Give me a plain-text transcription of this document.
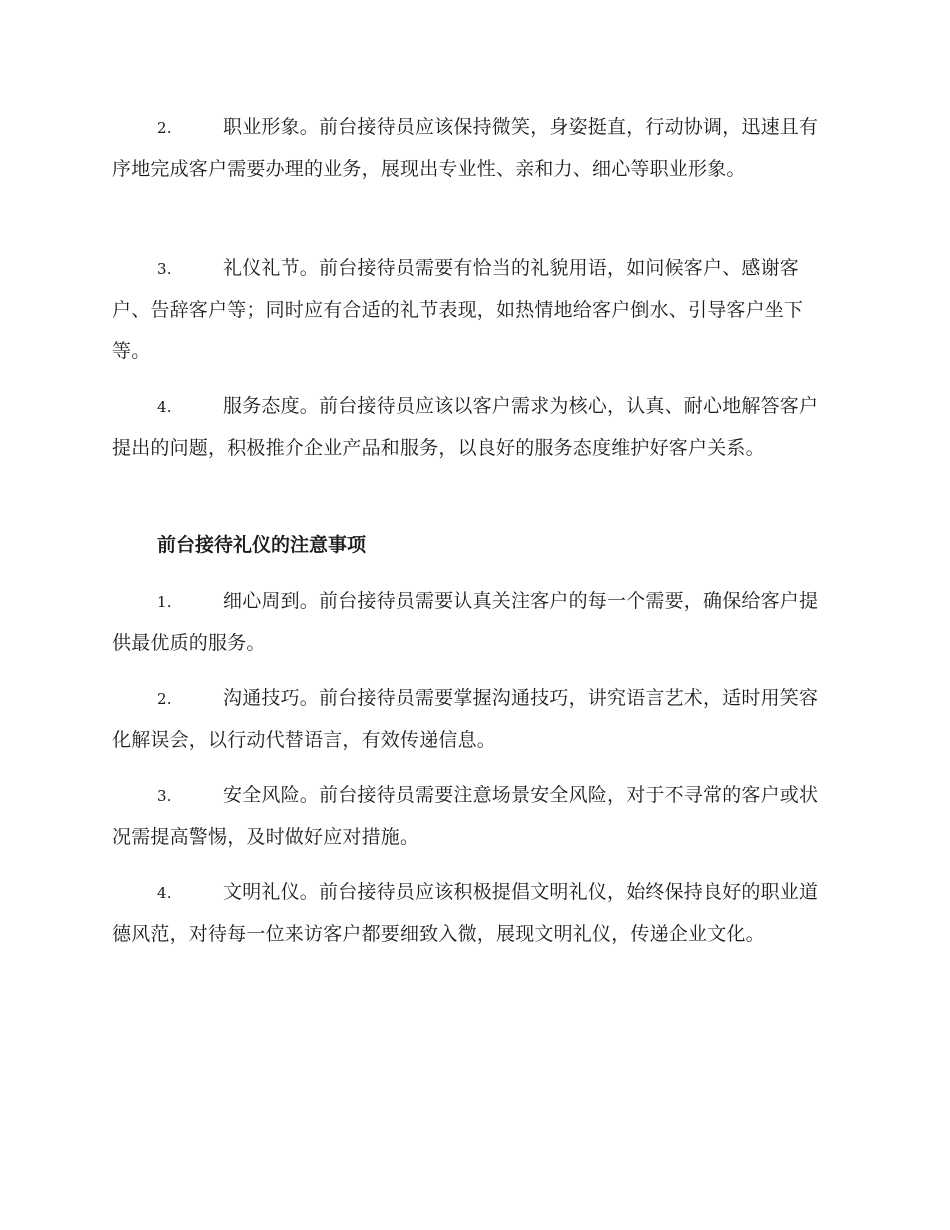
2.	职业形象。前台接待员应该保持微笑，身姿挺直，行动协调，迅速且有序地完成客户需要办理的业务，展现出专业性、亲和力、细心等职业形象。
3.	礼仪礼节。前台接待员需要有恰当的礼貌用语，如问候客户、感谢客户、告辞客户等；同时应有合适的礼节表现，如热情地给客户倒水、引导客户坐下等。
4.	服务态度。前台接待员应该以客户需求为核心，认真、耐心地解答客户提出的问题，积极推介企业产品和服务，以良好的服务态度维护好客户关系。
前台接待礼仪的注意事项
1.	细心周到。前台接待员需要认真关注客户的每一个需要，确保给客户提供最优质的服务。
2.	沟通技巧。前台接待员需要掌握沟通技巧，讲究语言艺术，适时用笑容化解误会，以行动代替语言，有效传递信息。
3.	安全风险。前台接待员需要注意场景安全风险，对于不寻常的客户或状况需提高警惕，及时做好应对措施。
4.	文明礼仪。前台接待员应该积极提倡文明礼仪，始终保持良好的职业道德风范，对待每一位来访客户都要细致入微，展现文明礼仪，传递企业文化。
